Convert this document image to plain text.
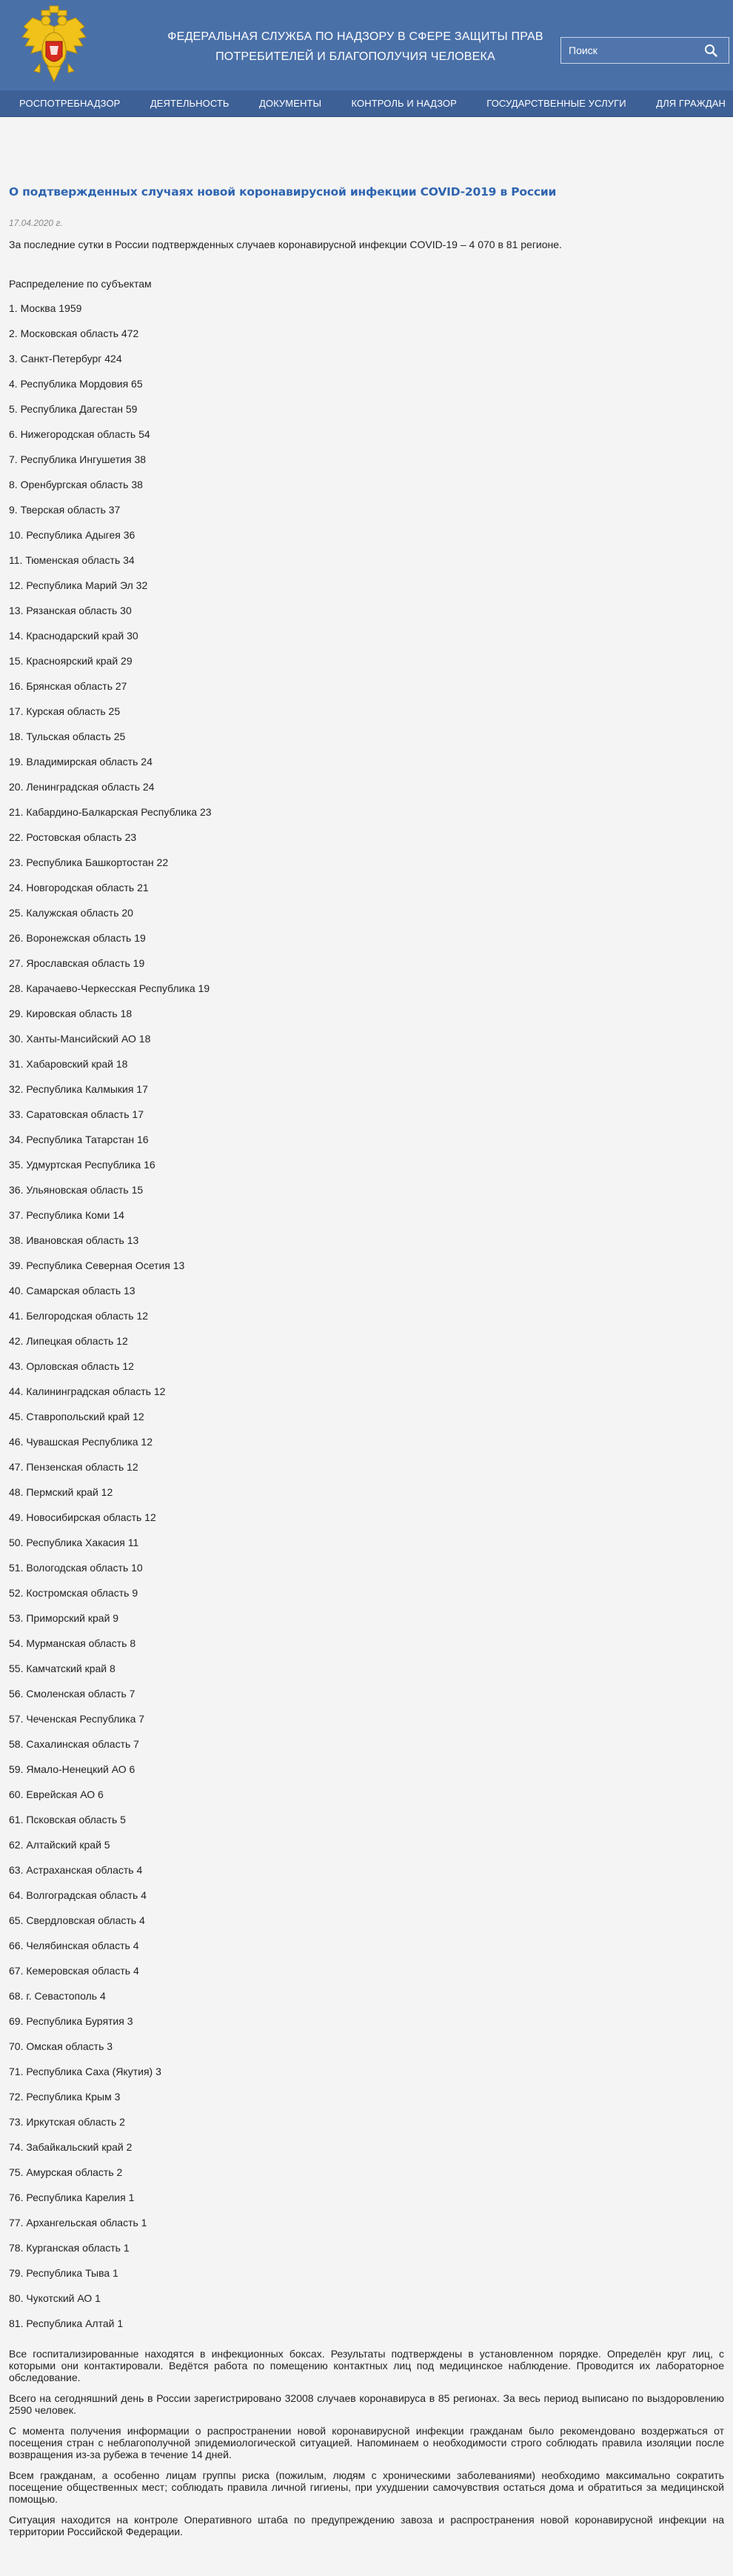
ФЕДЕРАЛЬНАЯ СЛУЖБА ПО НАДЗОРУ В СФЕРЕ ЗАЩИТЫ ПРАВ
ПОТРЕБИТЕЛЕЙ И БЛАГОПОЛУЧИЯ ЧЕЛОВЕКА
Поиск
РОСПОТРЕБНАДЗОР	ДЕЯТЕЛЬНОСТЬ	ДОКУМЕНТЫ	КОНТРОЛЬ И НАДЗОР	ГОСУДАРСТВЕННЫЕ УСЛУГИ	ДЛЯ ГРАЖДАН
О подтвержденных случаях новой коронавирусной инфекции COVID-2019 в России
17.04.2020 г.

За последние сутки в России подтвержденных случаев коронавирусной инфекции COVID-19 – 4 070 в 81 регионе.

Распределение по субъектам

1. Москва 1959
2. Московская область 472
3. Санкт-Петербург 424
4. Республика Мордовия 65
5. Республика Дагестан 59
6. Нижегородская область 54
7. Республика Ингушетия 38
8. Оренбургская область 38
9. Тверская область 37
10. Республика Адыгея 36
11. Тюменская область 34
12. Республика Марий Эл 32
13. Рязанская область 30
14. Краснодарский край 30
15. Красноярский край 29
16. Брянская область 27
17. Курская область 25
18. Тульская область 25
19. Владимирская область 24
20. Ленинградская область 24
21. Кабардино-Балкарская Республика 23
22. Ростовская область 23
23. Республика Башкортостан 22
24. Новгородская область 21
25. Калужская область 20
26. Воронежская область 19
27. Ярославская область 19
28. Карачаево-Черкесская Республика 19
29. Кировская область 18
30. Ханты-Мансийский АО 18
31. Хабаровский край 18
32. Республика Калмыкия 17
33. Саратовская область 17
34. Республика Татарстан 16
35. Удмуртская Республика 16
36. Ульяновская область 15
37. Республика Коми 14
38. Ивановская область 13
39. Республика Северная Осетия 13
40. Самарская область 13
41. Белгородская область 12
42. Липецкая область 12
43. Орловская область 12
44. Калининградская область 12
45. Ставропольский край 12
46. Чувашская Республика 12
47. Пензенская область 12
48. Пермский край 12
49. Новосибирская область 12
50. Республика Хакасия 11
51. Вологодская область 10
52. Костромская область 9
53. Приморский край 9
54. Мурманская область 8
55. Камчатский край 8
56. Смоленская область 7
57. Чеченская Республика 7
58. Сахалинская область 7
59. Ямало-Ненецкий АО 6
60. Еврейская АО 6
61. Псковская область 5
62. Алтайский край 5
63. Астраханская область 4
64. Волгоградская область 4
65. Свердловская область 4
66. Челябинская область 4
67. Кемеровская область 4
68. г. Севастополь 4
69. Республика Бурятия 3
70. Омская область 3
71. Республика Саха (Якутия) 3
72. Республика Крым 3
73. Иркутская область 2
74. Забайкальский край 2
75. Амурская область 2
76. Республика Карелия 1
77. Архангельская область 1
78. Курганская область 1
79. Республика Тыва 1
80. Чукотский АО 1
81. Республика Алтай 1

Все госпитализированные находятся в инфекционных боксах. Результаты подтверждены в установленном порядке. Определён круг лиц, с которыми они контактировали. Ведётся работа по помещению контактных лиц под медицинское наблюдение. Проводится их лабораторное обследование.

Всего на сегодняшний день в России зарегистрировано 32008 случаев коронавируса в 85 регионах. За весь период выписано по выздоровлению 2590 человек.

С момента получения информации о распространении новой коронавирусной инфекции гражданам было рекомендовано воздержаться от посещения стран с неблагополучной эпидемиологической ситуацией. Напоминаем о необходимости строго соблюдать правила изоляции после возвращения из-за рубежа в течение 14 дней.

Всем гражданам, а особенно лицам группы риска (пожилым, людям с хроническими заболеваниями) необходимо максимально сократить посещение общественных мест; соблюдать правила личной гигиены, при ухудшении самочувствия остаться дома и обратиться за медицинской помощью.

Ситуация находится на контроле Оперативного штаба по предупреждению завоза и распространения новой коронавирусной инфекции на территории Российской Федерации.
